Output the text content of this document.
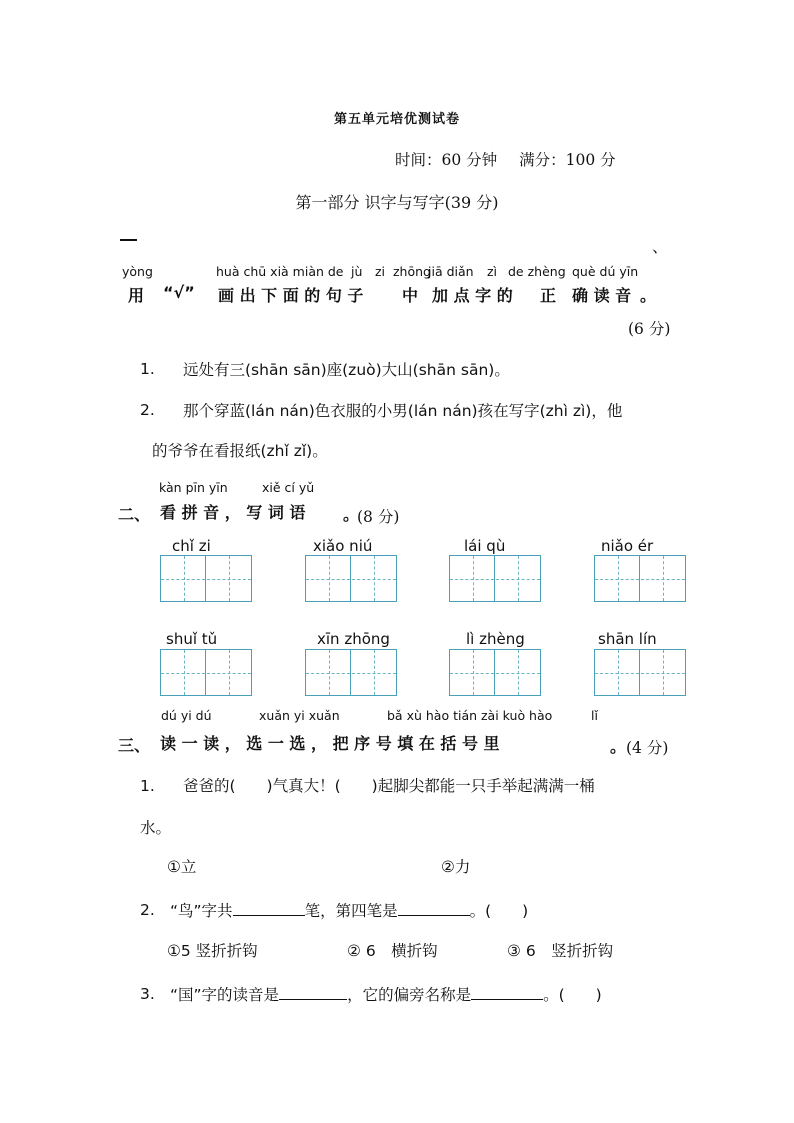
第五单元培优测试卷
时间：60 分钟 满分：100 分
第一部分 识字与写字(39 分)
、
yòng	huà chū xià miàn de jù zi zhōng
jiā diǎn zì de zhèng què dú yīn
用 “√” 画 出 下 面 的 句 子 中 加 点 字 的 正 确 读 音 。
(6 分)
1. 远处有三(shān sān)座(zuò)大山(shān sān)。
2. 那个穿蓝(lán nán)色衣服的小男(lán nán)孩在写字(zhì zì)，他
的爷爷在看报纸(zhǐ zǐ)。
kàn pīn yīn	xiě cí yǔ
二、 看 拼 音 ， 写 词 语 。
(8 分)
chǐ zi	xiǎo niú	lái qù	niǎo ér
shuǐ tǔ	xīn zhōng	lì zhèng	shān lín
dú yi dú	xuǎn yi xuǎn	bǎ xù hào tián zài kuò hào	lǐ
三、 读 一 读 ， 选 一 选 ， 把 序 号 填 在 括 号 里	。 (4 分)
1. 爸爸的(　　)气真大！(　　)起脚尖都能一只手举起满满一桶
水。
①立	②力
2. “鸟”字共	笔，第四笔是	。(　　)
①5 竖折折钩	② 6　横折钩	③ 6　竖折折钩
3. “国”字的读音是	，它的偏旁名称是	。(　　)
